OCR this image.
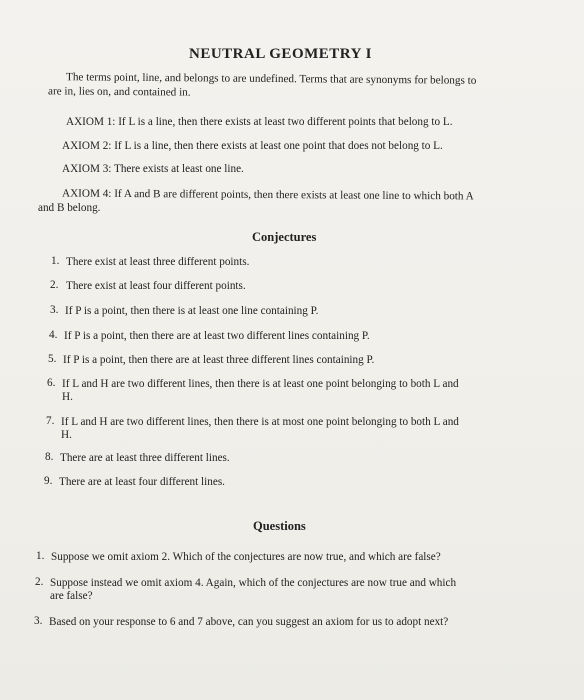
NEUTRAL GEOMETRY I
The terms point, line, and belongs to are undefined. Terms that are synonyms for belongs to
are in, lies on, and contained in.
AXIOM 1: If L is a line, then there exists at least two different points that belong to L.
AXIOM 2: If L is a line, then there exists at least one point that does not belong to L.
AXIOM 3: There exists at least one line.
AXIOM 4: If A and B are different points, then there exists at least one line to which both A
and B belong.
Conjectures
1. There exist at least three different points.
2. There exist at least four different points.
3. If P is a point, then there is at least one line containing P.
4. If P is a point, then there are at least two different lines containing P.
5. If P is a point, then there are at least three different lines containing P.
6. If L and H are two different lines, then there is at least one point belonging to both L and
H.
7. If L and H are two different lines, then there is at most one point belonging to both L and
H.
8. There are at least three different lines.
9. There are at least four different lines.
Questions
1. Suppose we omit axiom 2. Which of the conjectures are now true, and which are false?
2. Suppose instead we omit axiom 4. Again, which of the conjectures are now true and which
are false?
3. Based on your response to 6 and 7 above, can you suggest an axiom for us to adopt next?
